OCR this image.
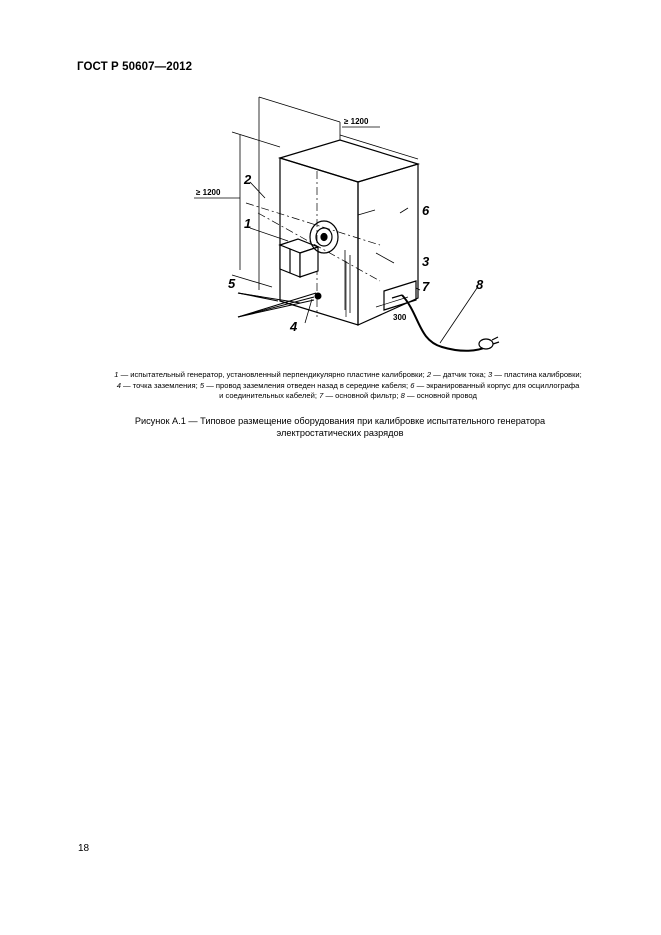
ГОСТ Р 50607—2012
1
2
3
4
5
6
7	8
≥ 1200
≥ 1200
300
1 — испытательный генератор, установленный перпендикулярно пластине калибровки; 2 — датчик тока; 3 — пластина калибровки;
4 — точка заземления; 5 — провод заземления отведен назад в середине кабеля; 6 — экранированный корпус для осциллографа
и соединительных кабелей; 7 — основной фильтр; 8 — основной провод
Рисунок А.1 — Типовое размещение оборудования при калибровке испытательного генератора
электростатических разрядов
18
